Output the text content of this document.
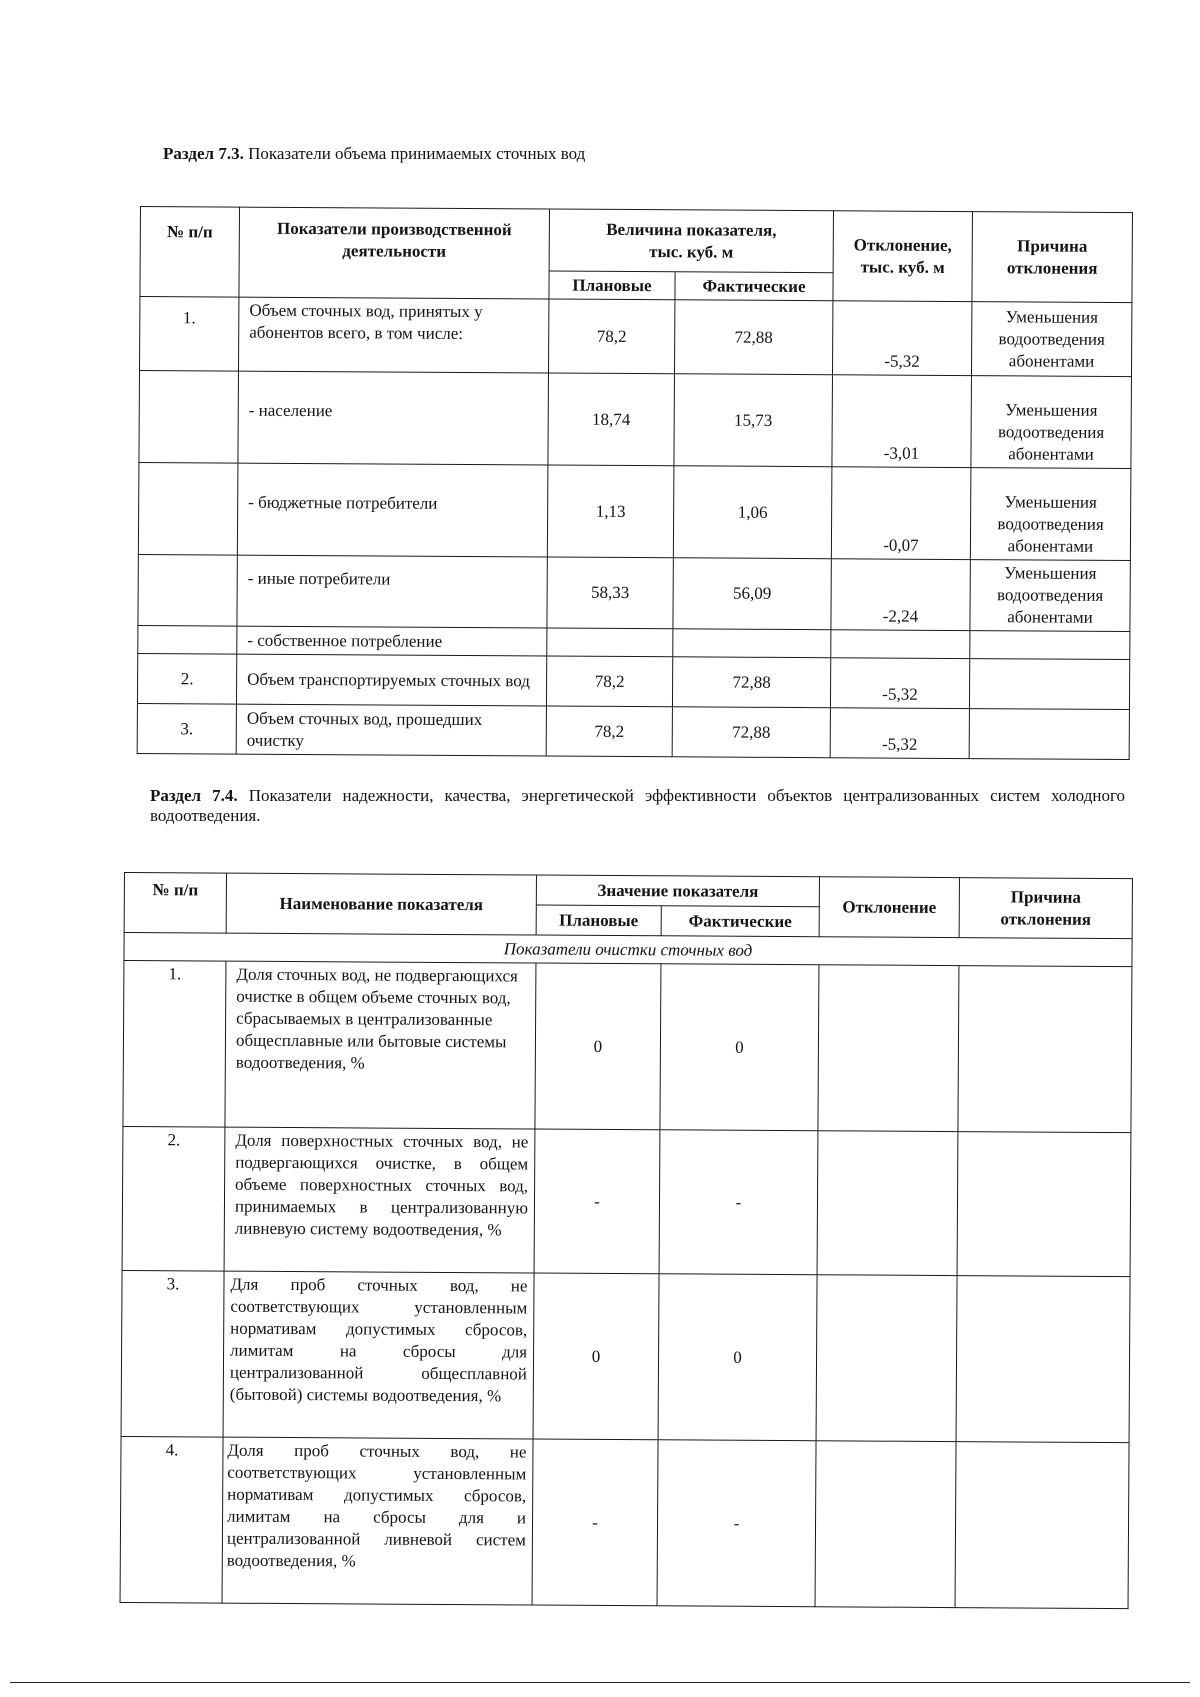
Раздел 7.3. Показатели объема принимаемых сточных вод
№ п/п	Показатели производственной деятельности	Величина показателя, тыс. куб. м		Отклонение, тыс. куб. м	Причина отклонения
		Плановые	Фактические		
1.	Объем сточных вод, принятых у абонентов всего, в том числе:	78,2	72,88	-5,32	Уменьшения водоотведения абонентами
	- население	18,74	15,73	-3,01	Уменьшения водоотведения абонентами
	- бюджетные потребители	1,13	1,06	-0,07	Уменьшения водоотведения абонентами
	- иные потребители	58,33	56,09	-2,24	Уменьшения водоотведения абонентами
	- собственное потребление				
2.	Объем транспортируемых сточных вод	78,2	72,88	-5,32	
3.	Объем сточных вод, прошедших очистку	78,2	72,88	-5,32	
Раздел 7.4. Показатели надежности, качества, энергетической эффективности объектов централизованных систем холодного водоотведения.
№ п/п	Наименование показателя	Значение показателя		Отклонение	Причина отклонения
		Плановые	Фактические		
Показатели очистки сточных вод					
1.	Доля сточных вод, не подвергающихся очистке в общем объеме сточных вод, сбрасываемых в централизованные общесплавные или бытовые системы водоотведения, %	0	0		
2.	Доля поверхностных сточных вод, не подвергающихся очистке, в общем объеме поверхностных сточных вод, принимаемых в централизованную ливневую систему водоотведения, %	-	-		
3.	Для проб сточных вод, не соответствующих установленным нормативам допустимых сбросов, лимитам на сбросы для централизованной общесплавной (бытовой) системы водоотведения, %	0	0		
4.	Доля проб сточных вод, не соответствующих установленным нормативам допустимых сбросов, лимитам на сбросы для и централизованной ливневой систем водоотведения, %	-	-		
